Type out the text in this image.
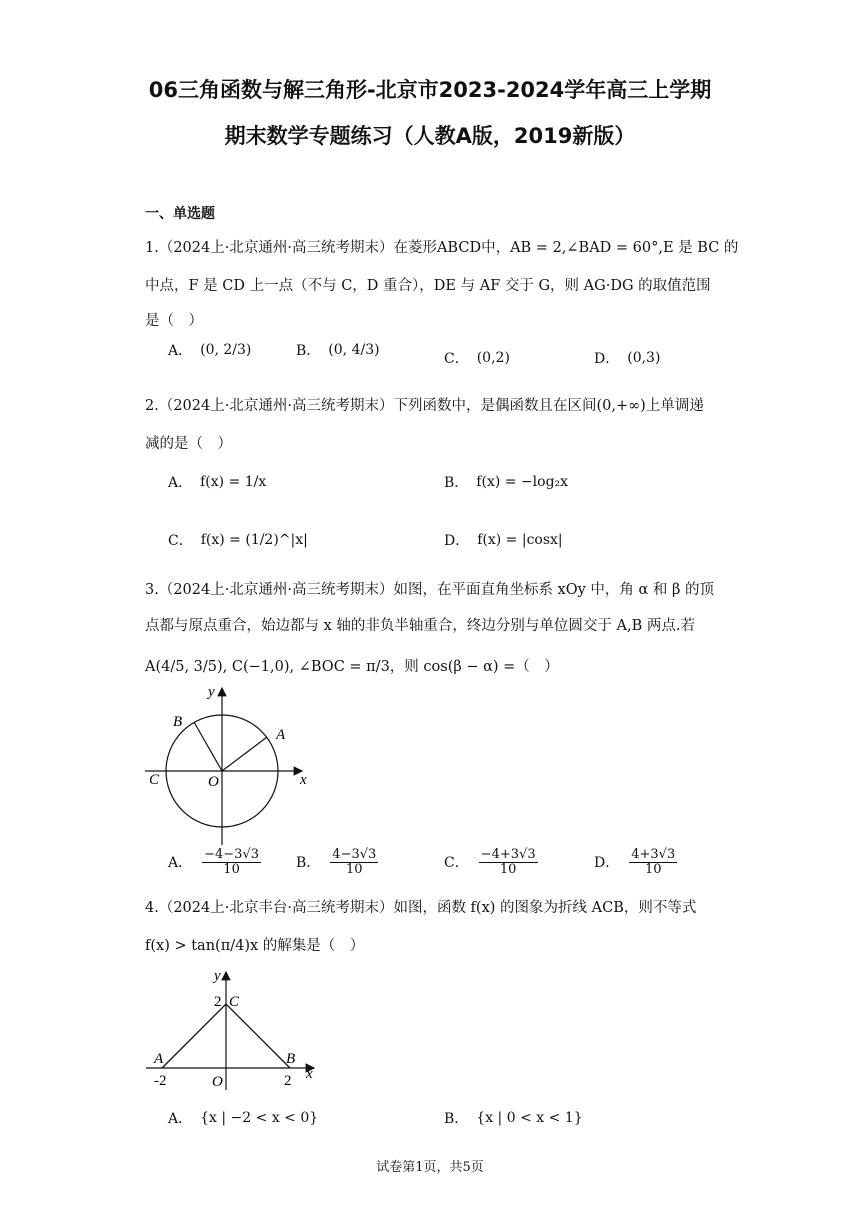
06三角函数与解三角形-北京市2023-2024学年高三上学期
期末数学专题练习（人教A版，2019新版）
一、单选题
1.（2024上·北京通州·高三统考期末）在菱形ABCD中，AB = 2,∠BAD = 60°,E 是 BC 的
中点，F 是 CD 上一点（不与 C，D 重合），DE 与 AF 交于 G，则 AG·DG 的取值范围
是（　）
A． (0, 2/3)	B． (0, 4/3)
C． (0,2)	D． (0,3)
2.（2024上·北京通州·高三统考期末）下列函数中，是偶函数且在区间(0,+∞)上单调递
减的是（　）
A． f(x) = 1/x	B． f(x) = −log₂x
C． f(x) = (1/2)^|x|	D． f(x) = |cosx|
3.（2024上·北京通州·高三统考期末）如图，在平面直角坐标系 xOy 中，角 α 和 β 的顶
点都与原点重合，始边都与 x 轴的非负半轴重合，终边分别与单位圆交于 A,B 两点.若
A(4/5, 3/5), C(−1,0), ∠BOC = π/3，则 cos(β − α) =（　）
y
x
O
A
B
C
A． $\frac{-4-3√3}{10}$ B． $\frac{4-3√3}{10}$	C． $\frac{-4+3√3}{10}$	D． $\frac{4+3√3}{10}$
4.（2024上·北京丰台·高三统考期末）如图，函数 f(x) 的图象为折线 ACB，则不等式
f(x) > tan(π/4)x 的解集是（　）
y
x
2 C
A	B
-2	O	2
A． {x | −2 < x < 0}	B． {x | 0 < x < 1}
试卷第1页，共5页
